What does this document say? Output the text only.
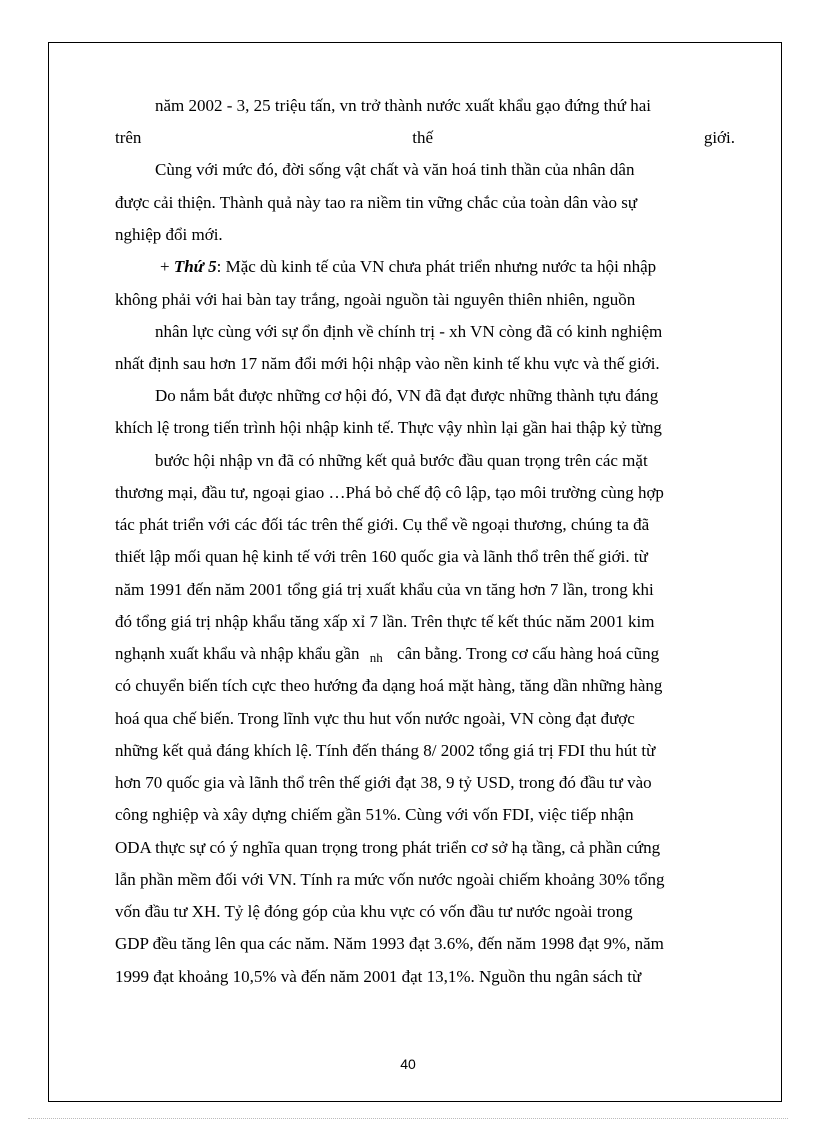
năm 2002 - 3, 25 triệu tấn, vn trở thành nước xuất khẩu gạo đứng thứ hai
trên	thế	giới.
Cùng với mức đó, đời sống vật chất và văn hoá tinh thần của nhân dân
được cải thiện. Thành quả này tao ra niềm tin vững chắc của toàn dân vào sự
nghiệp đổi mới.
+ Thứ 5: Mặc dù kinh tế của VN chưa phát triển nhưng nước ta hội nhập
không phải với hai bàn tay trắng, ngoài nguồn tài nguyên thiên nhiên, nguồn
nhân lực cùng với sự ổn định về chính trị - xh VN còng đã có kinh nghiệm
nhất định sau hơn 17 năm đổi mới hội nhập vào nền kinh tế khu vực và thế giới.
Do nắm bắt được những cơ hội đó, VN đã đạt được những thành tựu đáng
khích lệ trong tiến trình hội nhập kinh tế. Thực vậy nhìn lại gần hai thập kỷ từng
bước hội nhập vn đã có những kết quả bước đầu quan trọng trên các mặt
thương mại, đầu tư, ngoại giao …Phá bỏ chế độ cô lập, tạo môi trường cùng hợp
tác phát triển với các đối tác trên thế giới. Cụ thể về ngoại thương, chúng ta đã
thiết lập mối quan hệ kinh tế với trên 160 quốc gia và lãnh thổ trên thế giới. từ
năm 1991 đến năm 2001 tổng giá trị xuất khẩu của vn tăng hơn 7 lần, trong khi
đó tổng giá trị nhập khẩu tăng xấp xỉ 7 lần. Trên thực tế kết thúc năm 2001 kim
nghạnh xuất khẩu và nhập khẩu gần nh cân bằng. Trong cơ cấu hàng hoá cũng
có chuyển biến tích cực theo hướng đa dạng hoá mặt hàng, tăng dần những hàng
hoá qua chế biến. Trong lĩnh vực thu hut vốn nước ngoài, VN còng đạt được
những kết quả đáng khích lệ. Tính đến tháng 8/ 2002 tổng giá trị FDI thu hút từ
hơn 70 quốc gia và lãnh thổ trên thế giới đạt 38, 9 tỷ USD, trong đó đầu tư vào
công nghiệp và xây dựng chiếm gần 51%. Cùng với vốn FDI, việc tiếp nhận
ODA thực sự có ý nghĩa quan trọng trong phát triển cơ sở hạ tầng, cả phần cứng
lẫn phần mềm đối với VN. Tính ra mức vốn nước ngoài chiếm khoảng 30% tổng
vốn đầu tư XH. Tỷ lệ đóng góp của khu vực có vốn đầu tư nước ngoài trong
GDP đều tăng lên qua các năm. Năm 1993 đạt 3.6%, đến năm 1998 đạt 9%, năm
1999 đạt khoảng 10,5% và đến năm 2001 đạt 13,1%. Nguồn thu ngân sách từ
40
